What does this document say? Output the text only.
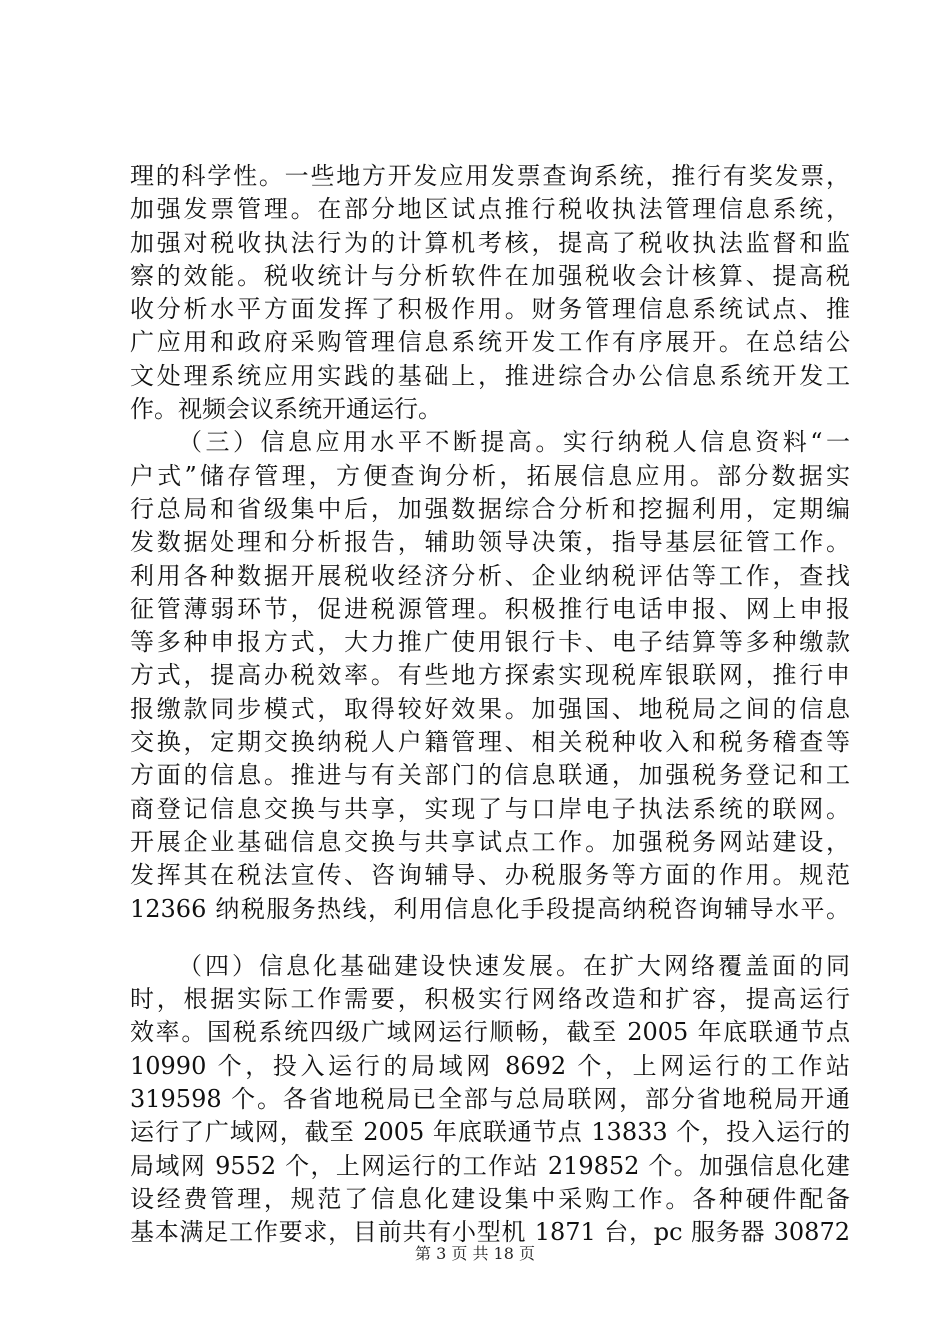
理的科学性。一些地方开发应用发票查询系统，推行有奖发票，
加强发票管理。在部分地区试点推行税收执法管理信息系统，
加强对税收执法行为的计算机考核，提高了税收执法监督和监
察的效能。税收统计与分析软件在加强税收会计核算、提高税
收分析水平方面发挥了积极作用。财务管理信息系统试点、推
广应用和政府采购管理信息系统开发工作有序展开。在总结公
文处理系统应用实践的基础上，推进综合办公信息系统开发工
作。视频会议系统开通运行。
（三）信息应用水平不断提高。实行纳税人信息资料“一
户式”储存管理，方便查询分析，拓展信息应用。部分数据实
行总局和省级集中后，加强数据综合分析和挖掘利用，定期编
发数据处理和分析报告，辅助领导决策，指导基层征管工作。
利用各种数据开展税收经济分析、企业纳税评估等工作，查找
征管薄弱环节，促进税源管理。积极推行电话申报、网上申报
等多种申报方式，大力推广使用银行卡、电子结算等多种缴款
方式，提高办税效率。有些地方探索实现税库银联网，推行申
报缴款同步模式，取得较好效果。加强国、地税局之间的信息
交换，定期交换纳税人户籍管理、相关税种收入和税务稽查等
方面的信息。推进与有关部门的信息联通，加强税务登记和工
商登记信息交换与共享，实现了与口岸电子执法系统的联网。
开展企业基础信息交换与共享试点工作。加强税务网站建设，
发挥其在税法宣传、咨询辅导、办税服务等方面的作用。规范
12366 纳税服务热线，利用信息化手段提高纳税咨询辅导水平。
（四）信息化基础建设快速发展。在扩大网络覆盖面的同
时，根据实际工作需要，积极实行网络改造和扩容，提高运行
效率。国税系统四级广域网运行顺畅，截至 2005 年底联通节点
10990 个，投入运行的局域网 8692 个，上网运行的工作站
319598 个。各省地税局已全部与总局联网，部分省地税局开通
运行了广域网，截至 2005 年底联通节点 13833 个，投入运行的
局域网 9552 个，上网运行的工作站 219852 个。加强信息化建
设经费管理，规范了信息化建设集中采购工作。各种硬件配备
基本满足工作要求，目前共有小型机 1871 台，pc 服务器 30872
第 3 页 共 18 页
